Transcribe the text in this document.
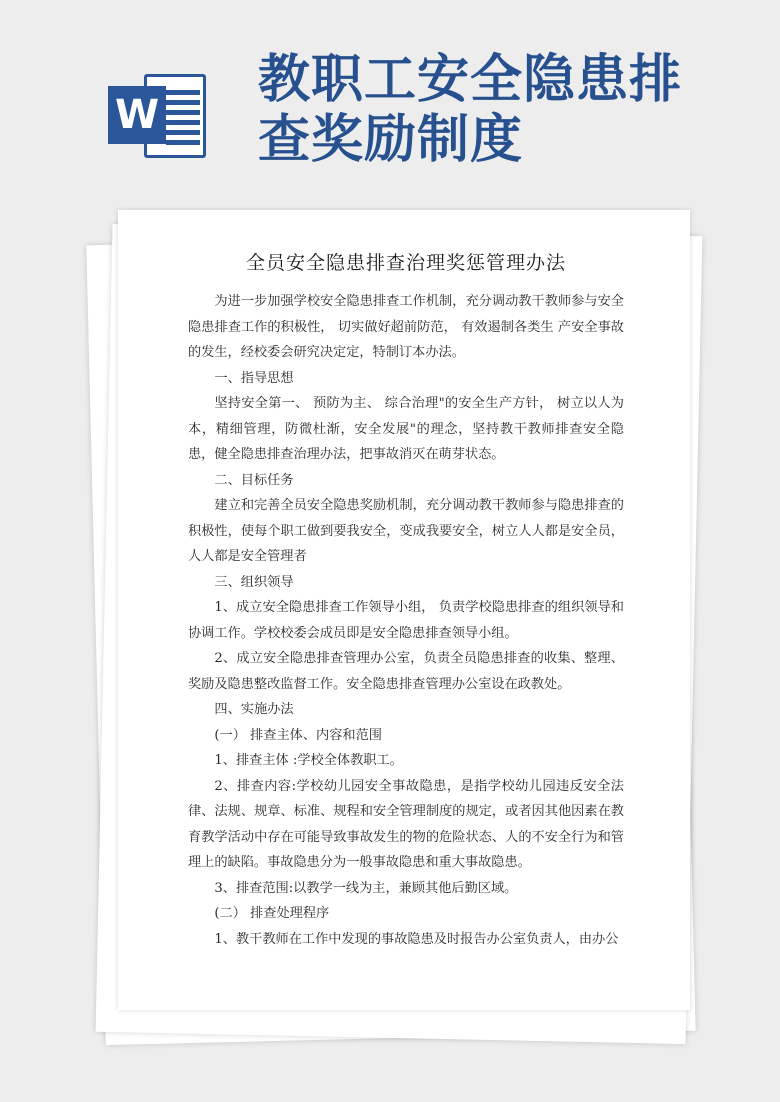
W
教职工安全隐患排
查奖励制度
全员安全隐患排查治理奖惩管理办法
为进一步加强学校安全隐患排查工作机制，充分调动教干教师参与安全隐患排查工作的积极性， 切实做好超前防范， 有效遏制各类生 产安全事故的发生，经校委会研究决定定，特制订本办法。
一、指导思想
坚持安全第一、 预防为主、 综合治理"的安全生产方针， 树立以人为本，精细管理，防微杜渐，安全发展"的理念，坚持教干教师排查安全隐患，健全隐患排查治理办法，把事故消灭在萌芽状态。
二、目标任务
建立和完善全员安全隐患奖励机制，充分调动教干教师参与隐患排查的积极性，使每个职工做到要我安全，变成我要安全，树立人人都是安全员，人人都是安全管理者
三、组织领导
1、成立安全隐患排查工作领导小组， 负责学校隐患排查的组织领导和协调工作。学校校委会成员即是安全隐患排查领导小组。
2、成立安全隐患排查管理办公室，负责全员隐患排查的收集、整理、奖励及隐患整改监督工作。安全隐患排查管理办公室设在政教处。
四、实施办法
(一） 排查主体、内容和范围
1、排查主体 :学校全体教职工。
2、排查内容:学校幼儿园安全事故隐患，是指学校幼儿园违反安全法律、法规、规章、标准、规程和安全管理制度的规定，或者因其他因素在教育教学活动中存在可能导致事故发生的物的危险状态、人的不安全行为和管理上的缺陷。事故隐患分为一般事故隐患和重大事故隐患。
3、排查范围:以教学一线为主，兼顾其他后勤区域。
(二） 排查处理程序
1、教干教师在工作中发现的事故隐患及时报告办公室负责人，由办公
